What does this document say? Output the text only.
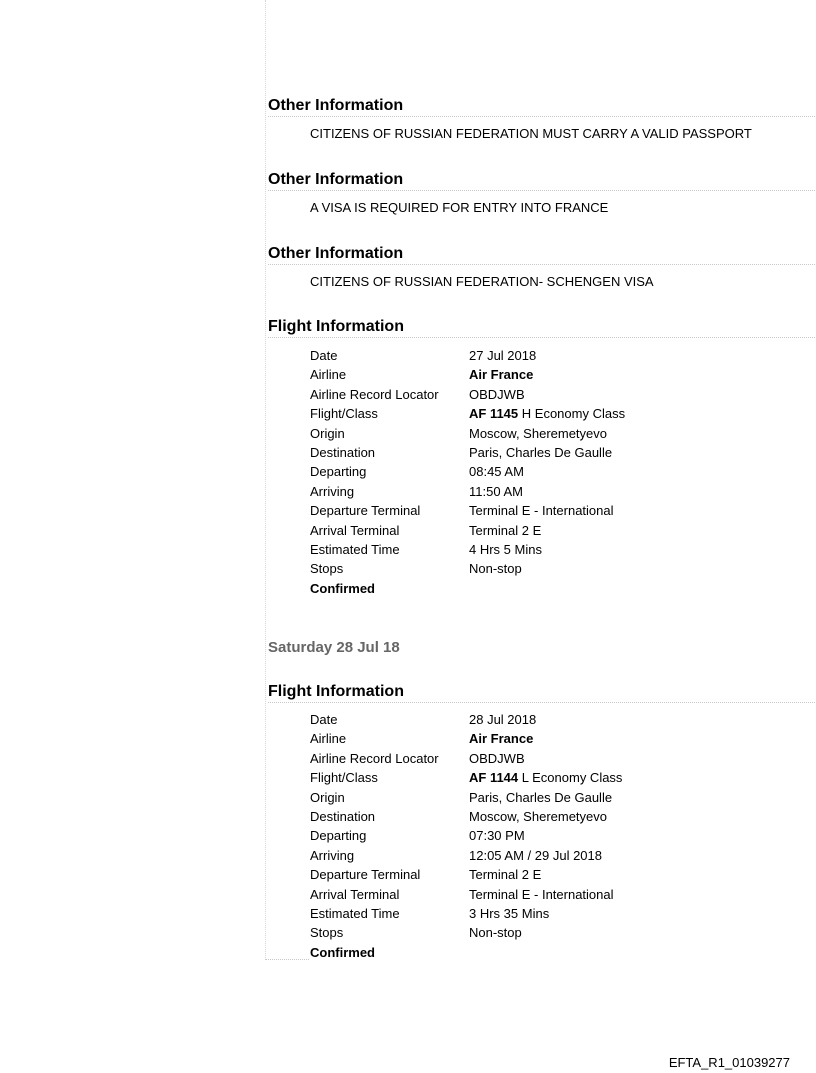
Other Information
CITIZENS OF RUSSIAN FEDERATION MUST CARRY A VALID PASSPORT
Other Information
A VISA IS REQUIRED FOR ENTRY INTO FRANCE
Other Information
CITIZENS OF RUSSIAN FEDERATION- SCHENGEN VISA
Flight Information
Date	27 Jul 2018
Airline	Air France
Airline Record Locator OBDJWB
Flight/Class	AF 1145 H Economy Class
Origin	Moscow, Sheremetyevo
Destination	Paris, Charles De Gaulle
Departing	08:45 AM
Arriving	11:50 AM
Departure Terminal	Terminal E - International
Arrival Terminal	Terminal 2 E
Estimated Time	4 Hrs 5 Mins
Stops	Non-stop
Confirmed
Saturday 28 Jul 18
Flight Information
Date	28 Jul 2018
Airline	Air France
Airline Record Locator OBDJWB
Flight/Class	AF 1144 L Economy Class
Origin	Paris, Charles De Gaulle
Destination	Moscow, Sheremetyevo
Departing	07:30 PM
Arriving	12:05 AM / 29 Jul 2018
Departure Terminal	Terminal 2 E
Arrival Terminal	Terminal E - International
Estimated Time	3 Hrs 35 Mins
Stops	Non-stop
Confirmed
EFTA_R1_01039277
